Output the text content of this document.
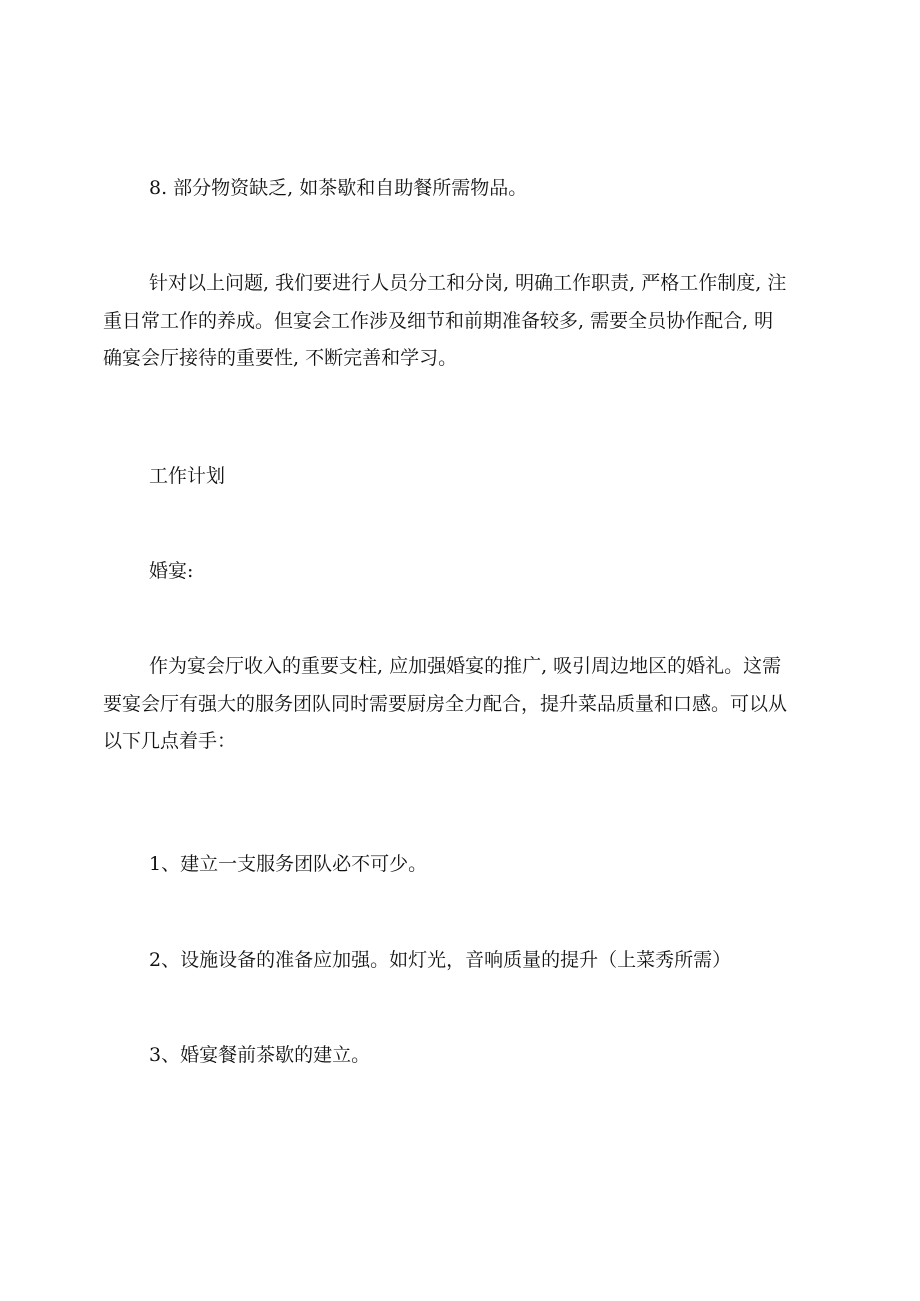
8. 部分物资缺乏, 如茶歇和自助餐所需物品。
针对以上问题, 我们要进行人员分工和分岗, 明确工作职责, 严格工作制度, 注
重日常工作的养成。但宴会工作涉及细节和前期准备较多, 需要全员协作配合, 明
确宴会厅接待的重要性, 不断完善和学习。
工作计划
婚宴:
作为宴会厅收入的重要支柱, 应加强婚宴的推广, 吸引周边地区的婚礼。这需
要宴会厅有强大的服务团队同时需要厨房全力配合，提升菜品质量和口感。可以从
以下几点着手：
1、建立一支服务团队必不可少。
2、设施设备的准备应加强。如灯光，音响质量的提升（上菜秀所需）
3、婚宴餐前茶歇的建立。
